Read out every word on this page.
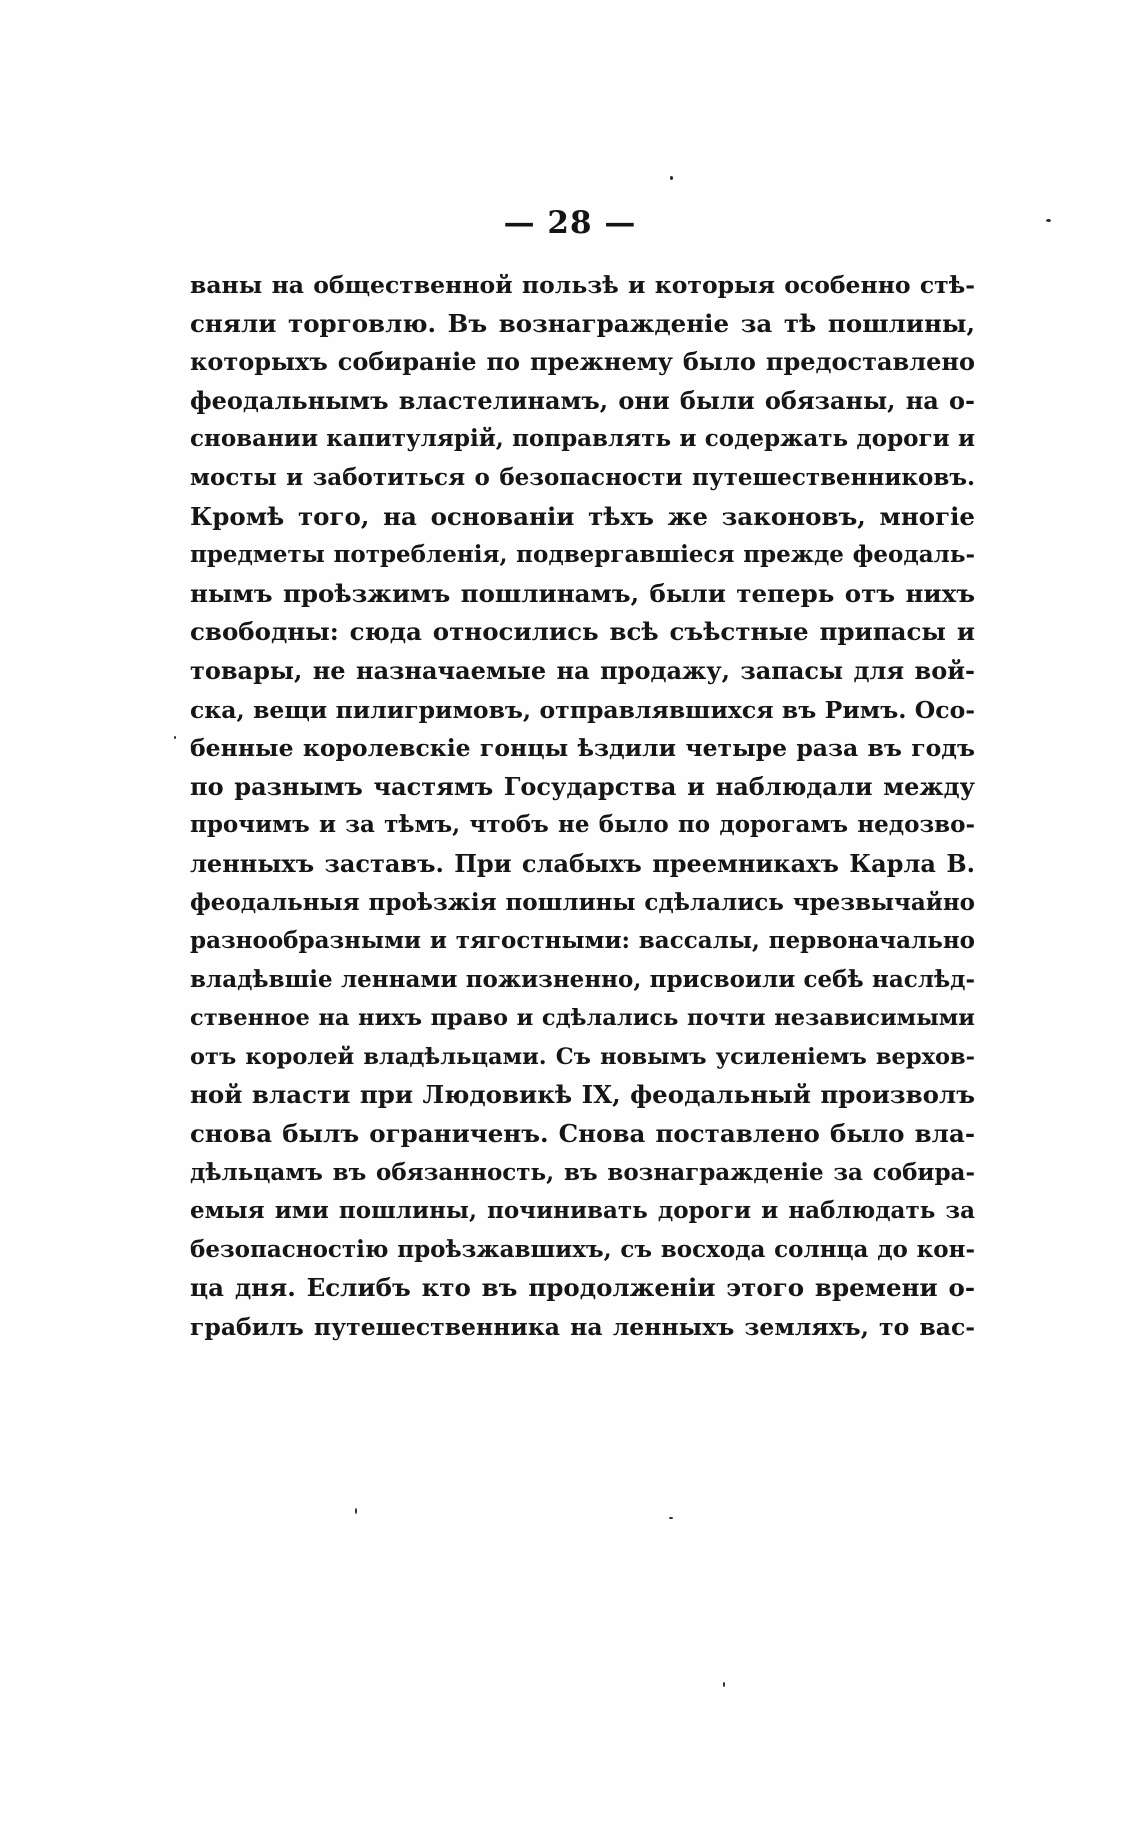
— 28 —
ваны на общественной пользѣ и которыя особенно стѣ-
сняли торговлю. Въ вознагражденіе за тѣ пошлины,
которыхъ собираніе по прежнему было предоставлено
феодальнымъ властелинамъ, они были обязаны, на о-
сновании капитулярій, поправлять и содержать дороги и
мосты и заботиться о безопасности путешественниковъ.
Кромѣ того, на основаніи тѣхъ же законовъ, многіе
предметы потребленія, подвергавшіеся прежде феодаль-
нымъ проѣзжимъ пошлинамъ, были теперь отъ нихъ
свободны: сюда относились всѣ съѣстные припасы и
товары, не назначаемые на продажу, запасы для вой-
ска, вещи пилигримовъ, отправлявшихся въ Римъ. Осо-
бенные королевскіе гонцы ѣздили четыре раза въ годъ
по разнымъ частямъ Государства и наблюдали между
прочимъ и за тѣмъ, чтобъ не было по дорогамъ недозво-
ленныхъ заставъ. При слабыхъ преемникахъ Карла В.
феодальныя проѣзжія пошлины сдѣлались чрезвычайно
разнообразными и тягостными: вассалы, первоначально
владѣвшіе леннами пожизненно, присвоили себѣ наслѣд-
ственное на нихъ право и сдѣлались почти независимыми
отъ королей владѣльцами. Съ новымъ усиленіемъ верхов-
ной власти при Людовикѣ IX, феодальный произволъ
снова былъ ограниченъ. Снова поставлено было вла-
дѣльцамъ въ обязанность, въ вознагражденіе за собира-
емыя ими пошлины, починивать дороги и наблюдать за
безопасностію проѣзжавшихъ, съ восхода солнца до кон-
ца дня. Еслибъ кто въ продолженіи этого времени о-
грабилъ путешественника на ленныхъ земляхъ, то вас-
